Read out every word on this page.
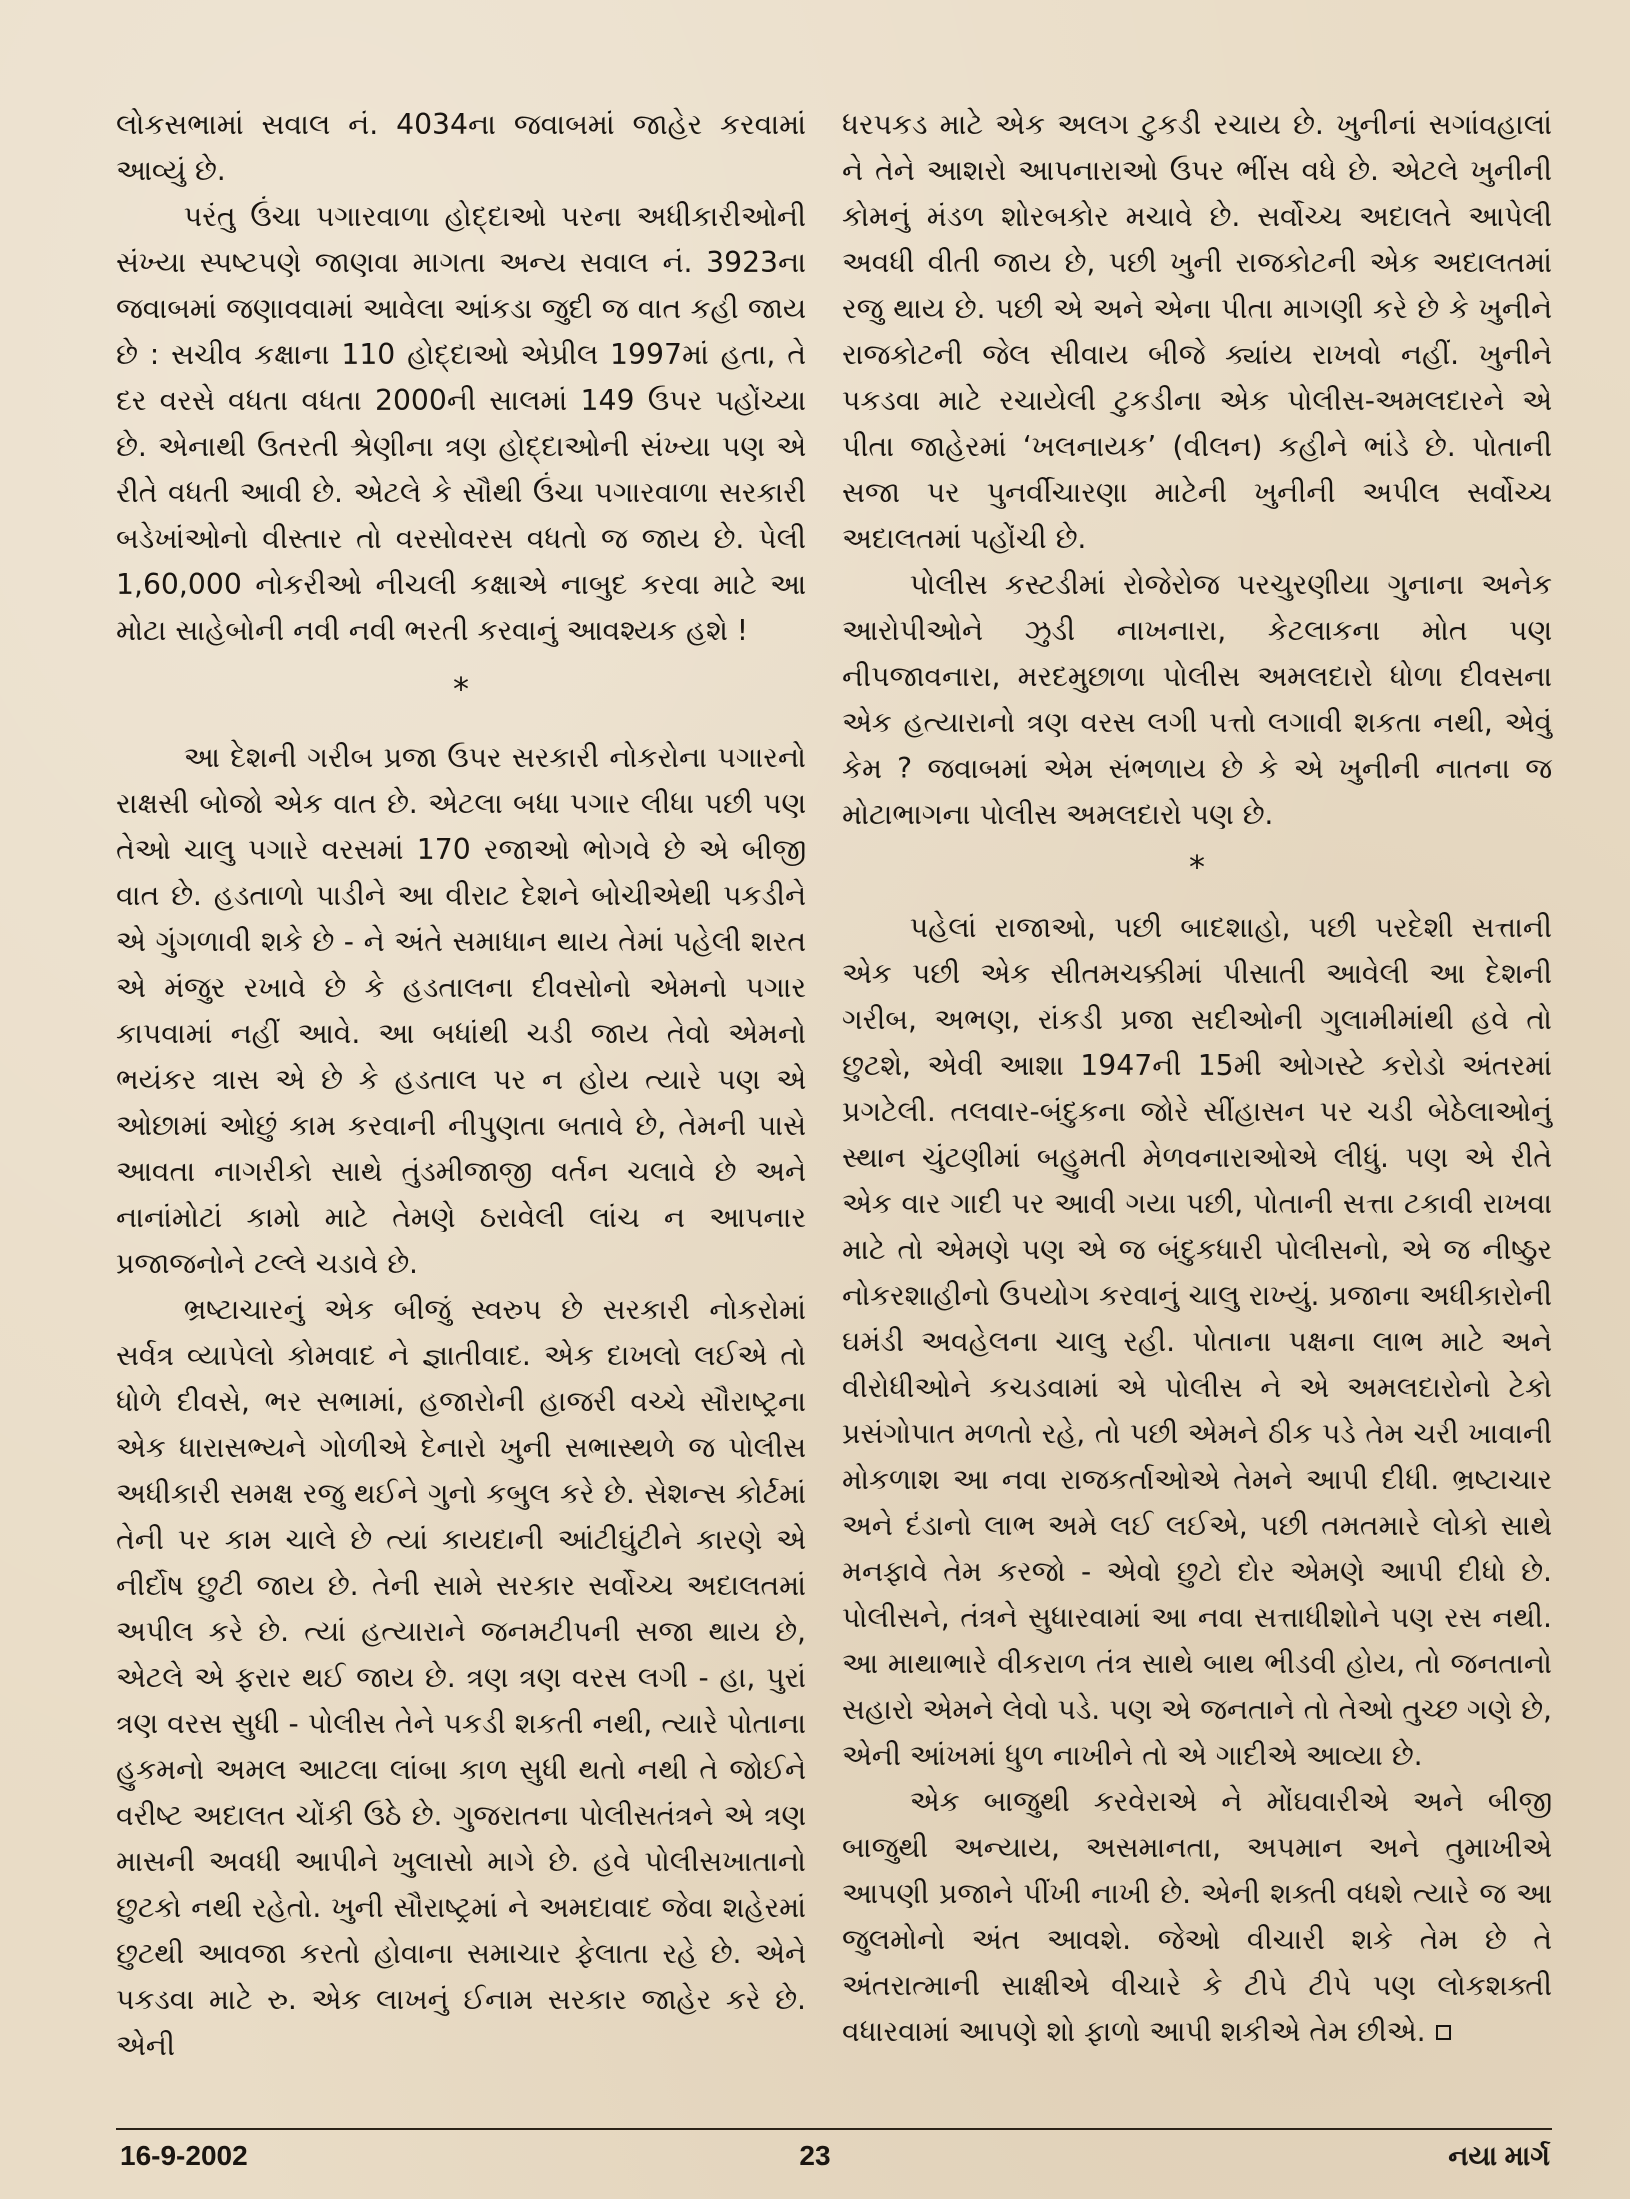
લોકસભામાં સવાલ નં. 4034ના જવાબમાં જાહેર કરવામાં આવ્યું છે.

પરંતુ ઉંચા પગારવાળા હોદ્દાઓ પરના અધીકારીઓની સંખ્યા સ્પષ્ટપણે જાણવા માગતા અન્ય સવાલ નં. 3923ના જવાબમાં જણાવવામાં આવેલા આંકડા જુદી જ વાત કહી જાય છે : સચીવ કક્ષાના 110 હોદ્દાઓ એપ્રીલ 1997માં હતા, તે દર વરસે વધતા વધતા 2000ની સાલમાં 149 ઉપર પહોંચ્યા છે. એનાથી ઉતરતી શ્રેણીના ત્રણ હોદ્દાઓની સંખ્યા પણ એ રીતે વધતી આવી છે. એટલે કે સૌથી ઉંચા પગારવાળા સરકારી બડેખાંઓનો વીસ્તાર તો વરસોવરસ વધતો જ જાય છે. પેલી 1,60,000 નોકરીઓ નીચલી કક્ષાએ નાબુદ કરવા માટે આ મોટા સાહેબોની નવી નવી ભરતી કરવાનું આવશ્યક હશે !

*

આ દેશની ગરીબ પ્રજા ઉપર સરકારી નોકરોના પગારનો રાક્ષસી બોજો એક વાત છે. એટલા બધા પગાર લીધા પછી પણ તેઓ ચાલુ પગારે વરસમાં 170 રજાઓ ભોગવે છે એ બીજી વાત છે. હડતાળો પાડીને આ વીરાટ દેશને બોચીએથી પકડીને એ ગુંગળાવી શકે છે - ને અંતે સમાધાન થાય તેમાં પહેલી શરત એ મંજુર રખાવે છે કે હડતાલના દીવસોનો એમનો પગાર કાપવામાં નહીં આવે. આ બધાંથી ચડી જાય તેવો એમનો ભયંકર ત્રાસ એ છે કે હડતાલ પર ન હોય ત્યારે પણ એ ઓછામાં ઓછું કામ કરવાની નીપુણતા બતાવે છે, તેમની પાસે આવતા નાગરીકો સાથે તુંડમીજાજી વર્તન ચલાવે છે અને નાનાંમોટાં કામો માટે તેમણે ઠરાવેલી લાંચ ન આપનાર પ્રજાજનોને ટલ્લે ચડાવે છે.

ભ્રષ્ટાચારનું એક બીજું સ્વરુપ છે સરકારી નોકરોમાં સર્વત્ર વ્યાપેલો કોમવાદ ને જ્ઞાતીવાદ. એક દાખલો લઈએ તો ધોળે દીવસે, ભર સભામાં, હજારોની હાજરી વચ્ચે સૌરાષ્ટ્રના એક ધારાસભ્યને ગોળીએ દેનારો ખુની સભાસ્થળે જ પોલીસ અધીકારી સમક્ષ રજુ થઈને ગુનો કબુલ કરે છે. સેશન્સ કોર્ટમાં તેની પર કામ ચાલે છે ત્યાં કાયદાની આંટીઘુંટીને કારણે એ નીર્દોષ છુટી જાય છે. તેની સામે સરકાર સર્વોચ્ચ અદાલતમાં અપીલ કરે છે. ત્યાં હત્યારાને જનમટીપની સજા થાય છે, એટલે એ ફરાર થઈ જાય છે. ત્રણ ત્રણ વરસ લગી - હા, પુરાં ત્રણ વરસ સુધી - પોલીસ તેને પકડી શકતી નથી, ત્યારે પોતાના હુકમનો અમલ આટલા લાંબા કાળ સુધી થતો નથી તે જોઈને વરીષ્ટ અદાલત ચોંકી ઉઠે છે. ગુજરાતના પોલીસતંત્રને એ ત્રણ માસની અવધી આપીને ખુલાસો માગે છે. હવે પોલીસખાતાનો છુટકો નથી રહેતો. ખુની સૌરાષ્ટ્રમાં ને અમદાવાદ જેવા શહેરમાં છુટથી આવજા કરતો હોવાના સમાચાર ફેલાતા રહે છે. એને પકડવા માટે રુ. એક લાખનું ઈનામ સરકાર જાહેર કરે છે. એની

ધરપકડ માટે એક અલગ ટુકડી રચાય છે. ખુનીનાં સગાંવહાલાં ને તેને આશરો આપનારાઓ ઉપર ભીંસ વધે છે. એટલે ખુનીની કોમનું મંડળ શોરબકોર મચાવે છે. સર્વોચ્ચ અદાલતે આપેલી અવધી વીતી જાય છે, પછી ખુની રાજકોટની એક અદાલતમાં રજુ થાય છે. પછી એ અને એના પીતા માગણી કરે છે કે ખુનીને રાજકોટની જેલ સીવાય બીજે ક્યાંય રાખવો નહીં. ખુનીને પકડવા માટે રચાયેલી ટુકડીના એક પોલીસ-અમલદારને એ પીતા જાહેરમાં ‘ખલનાયક’ (વીલન) કહીને ભાંડે છે. પોતાની સજા પર પુનર્વીચારણા માટેની ખુનીની અપીલ સર્વોચ્ચ અદાલતમાં પહોંચી છે.

પોલીસ કસ્ટડીમાં રોજેરોજ પરચુરણીયા ગુનાના અનેક આરોપીઓને ઝુડી નાખનારા, કેટલાકના મોત પણ નીપજાવનારા, મરદમુછાળા પોલીસ અમલદારો ધોળા દીવસના એક હત્યારાનો ત્રણ વરસ લગી પત્તો લગાવી શકતા નથી, એવું કેમ ? જવાબમાં એમ સંભળાય છે કે એ ખુનીની નાતના જ મોટાભાગના પોલીસ અમલદારો પણ છે.

*

પહેલાં રાજાઓ, પછી બાદશાહો, પછી પરદેશી સત્તાની એક પછી એક સીતમચક્કીમાં પીસાતી આવેલી આ દેશની ગરીબ, અભણ, રાંકડી પ્રજા સદીઓની ગુલામીમાંથી હવે તો છુટશે, એવી આશા 1947ની 15મી ઓગસ્ટે કરોડો અંતરમાં પ્રગટેલી. તલવાર-બંદુકના જોરે સીંહાસન પર ચડી બેઠેલાઓનું સ્થાન ચુંટણીમાં બહુમતી મેળવનારાઓએ લીધું. પણ એ રીતે એક વાર ગાદી પર આવી ગયા પછી, પોતાની સત્તા ટકાવી રાખવા માટે તો એમણે પણ એ જ બંદુકધારી પોલીસનો, એ જ નીષ્ઠુર નોકરશાહીનો ઉપયોગ કરવાનું ચાલુ રાખ્યું. પ્રજાના અધીકારોની ઘમંડી અવહેલના ચાલુ રહી. પોતાના પક્ષના લાભ માટે અને વીરોધીઓને કચડવામાં એ પોલીસ ને એ અમલદારોનો ટેકો પ્રસંગોપાત મળતો રહે, તો પછી એમને ઠીક પડે તેમ ચરી ખાવાની મોકળાશ આ નવા રાજકર્તાઓએ તેમને આપી દીધી. ભ્રષ્ટાચાર અને દંડાનો લાભ અમે લઈ લઈએ, પછી તમતમારે લોકો સાથે મનફાવે તેમ કરજો - એવો છુટો દોર એમણે આપી દીધો છે. પોલીસને, તંત્રને સુધારવામાં આ નવા સત્તાધીશોને પણ રસ નથી. આ માથાભારે વીકરાળ તંત્ર સાથે બાથ ભીડવી હોય, તો જનતાનો સહારો એમને લેવો પડે. પણ એ જનતાને તો તેઓ તુચ્છ ગણે છે, એની આંખમાં ધુળ નાખીને તો એ ગાદીએ આવ્યા છે.

એક બાજુથી કરવેરાએ ને મોંઘવારીએ અને બીજી બાજુથી અન્યાય, અસમાનતા, અપમાન અને તુમાખીએ આપણી પ્રજાને પીંખી નાખી છે. એની શક્તી વધશે ત્યારે જ આ જુલમોનો અંત આવશે. જેઓ વીચારી શકે તેમ છે તે અંતરાત્માની સાક્ષીએ વીચારે કે ટીપે ટીપે પણ લોકશક્તી વધારવામાં આપણે શો ફાળો આપી શકીએ તેમ છીએ.

16-9-2002	23	નયા માર્ગ
